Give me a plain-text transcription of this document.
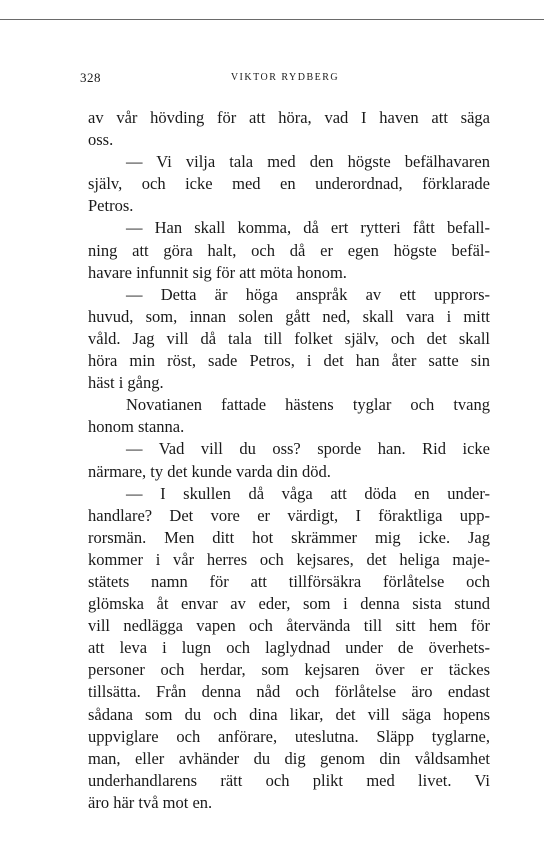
328	VIKTOR RYDBERG
av vår hövding för att höra, vad I haven att säga
oss.
— Vi vilja tala med den högste befälhavaren
själv, och icke med en underordnad, förklarade
Petros.
— Han skall komma, då ert rytteri fått befall-
ning att göra halt, och då er egen högste befäl-
havare infunnit sig för att möta honom.
— Detta är höga anspråk av ett upprors-
huvud, som, innan solen gått ned, skall vara i mitt
våld. Jag vill då tala till folket själv, och det skall
höra min röst, sade Petros, i det han åter satte sin
häst i gång.
Novatianen fattade hästens tyglar och tvang
honom stanna.
— Vad vill du oss? sporde han. Rid icke
närmare, ty det kunde varda din död.
— I skullen då våga att döda en under-
handlare? Det vore er värdigt, I föraktliga upp-
rorsmän. Men ditt hot skrämmer mig icke. Jag
kommer i vår herres och kejsares, det heliga maje-
stätets namn för att tillförsäkra förlåtelse och
glömska åt envar av eder, som i denna sista stund
vill nedlägga vapen och återvända till sitt hem för
att leva i lugn och laglydnad under de överhets-
personer och herdar, som kejsaren över er täckes
tillsätta. Från denna nåd och förlåtelse äro endast
sådana som du och dina likar, det vill säga hopens
uppviglare och anförare, uteslutna. Släpp tyglarne,
man, eller avhänder du dig genom din våldsamhet
underhandlarens rätt och plikt med livet. Vi
äro här två mot en.
